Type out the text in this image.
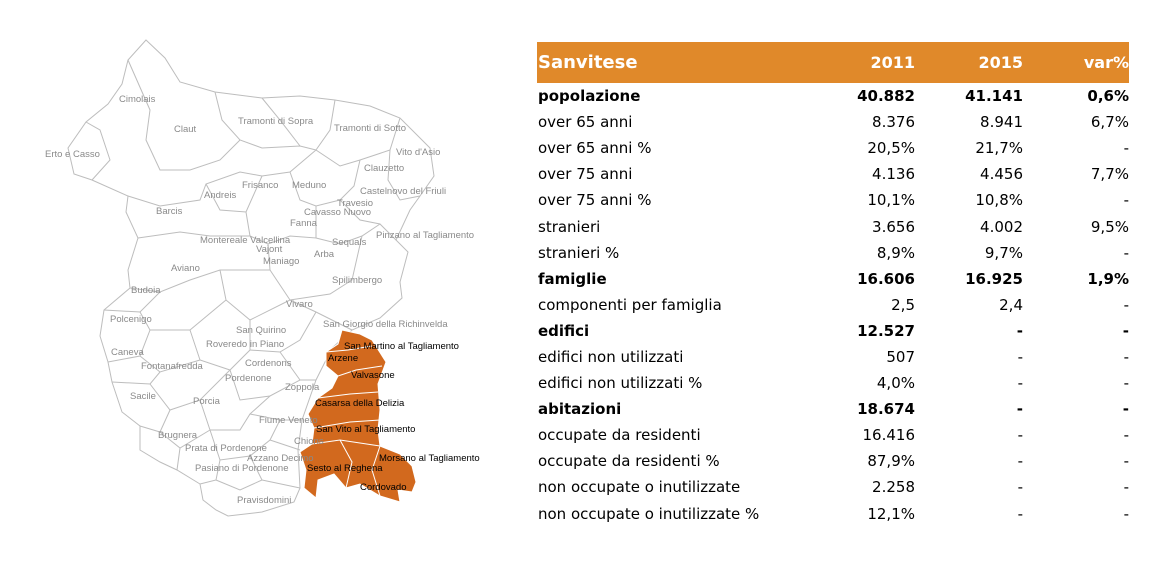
Cimolais
Claut
Erto e Casso
Tramonti di Sopra
Tramonti di Sotto
Vito d'Asio
Clauzetto
Andreis
Frisanco Meduno
Castelnovo del Friuli
Barcis
Travesio
Fanna
Cavasso Nuovo
Pinzano al Tagliamento
Montereale Valcellina
Vajont
Sequals
Maniago
Arba
Aviano
Spilimbergo
Budoia
Vivaro
Polcenigo	San Giorgio della Richinvelda
San Quirino
Roveredo in Piano
Caneva
Cordenons
Fontanafredda
Pordenone
Zoppola
Sacile	Porcia
Fiume Veneto
Brugnera
Chions
Prata di Pordenone
Azzano Decimo
Pasiano di Pordenone
Pravisdomini
San Martino al Tagliamento
Arzene
Valvasone
Casarsa della Delizia
San Vito al Tagliamento
Morsano al Tagliamento
Sesto al Reghena
Cordovado
Sanvitese	2011	2015	var%
popolazione	40.882	41.141	0,6%
over 65 anni	8.376	8.941	6,7%
over 65 anni %	20,5%	21,7%	-
over 75 anni	4.136	4.456	7,7%
over 75 anni %	10,1%	10,8%	-
stranieri	3.656	4.002	9,5%
stranieri %	8,9%	9,7%	-
famiglie	16.606	16.925	1,9%
componenti per famiglia	2,5	2,4	-
edifici	12.527	-	-
edifici non utilizzati	507	-	-
edifici non utilizzati %	4,0%	-	-
abitazioni	18.674	-	-
occupate da residenti	16.416	-	-
occupate da residenti %	87,9%	-	-
non occupate o inutilizzate	2.258	-	-
non occupate o inutilizzate %	12,1%	-	-
